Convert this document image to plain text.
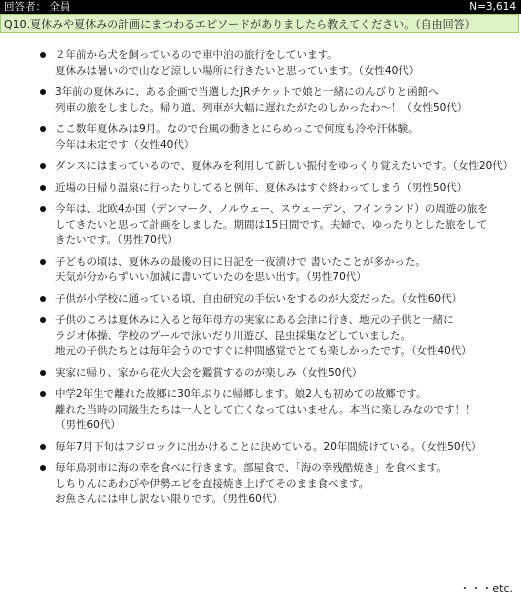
回答者： 全員	N=3,614
Q10.夏休みや夏休みの計画にまつわるエピソードがありましたら教えてください。（自由回答）
２年前から犬を飼っているので車中泊の旅行をしています。
夏休みは暑いので山など涼しい場所に行きたいと思っています。（女性40代）
3年前の夏休みに、ある企画で当選したJRチケットで娘と一緒にのんびりと函館へ
列車の旅をしました。帰り道、列車が大幅に遅れたがたのしかったわ～！（女性50代）
ここ数年夏休みは9月。なので台風の動きとにらめっこで何度も冷や汗体験。
今年は未定です（女性40代）
ダンスにはまっているので、夏休みを利用して新しい振付をゆっくり覚えたいです。（女性20代）
近場の日帰り温泉に行ったりしてると例年、夏休みはすぐ終わってしまう（男性50代）
今年は、北欧4か国（デンマーク、ノルウェー、スウェーデン、フインランド）の周遊の旅を
してきたいと思って計画をしました。期間は15日間です。夫婦で、ゆったりとした旅をして
きたいです。（男性70代）
子どもの頃は、夏休みの最後の日に日記を一夜漬けで 書いたことが多かった。
天気が分からずいい加減に書いていたのを思い出す。（男性70代）
子供が小学校に通っている頃、自由研究の手伝いをするのが大変だった。（女性60代）
子供のころは夏休みに入ると毎年母方の実家にある会津に行き、地元の子供と一緒に
ラジオ体操、学校のプールで泳いだり川遊び、昆虫採集などしていました。
地元の子供たちとは毎年会うのですぐに仲間感覚でとても楽しかったです。（女性40代）
実家に帰り、家から花火大会を鑑賞するのが楽しみ（女性50代）
中学2年生で離れた故郷に30年ぶりに帰郷します。娘2人も初めての故郷です。
離れた当時の同級生たちは一人として亡くなってはいません。本当に楽しみなのです！！
（男性60代）
毎年7月下旬はフジロックに出かけることに決めている。20年間続けている。（女性50代）
毎年鳥羽市に海の幸を食べに行きます。部屋食で、「海の幸残酷焼き」を食べます。
しちりんにあわびや伊勢エビを直接焼き上げてそのまま食べます。
お魚さんには申し訳ない限りです。（男性60代）
・・・etc.
